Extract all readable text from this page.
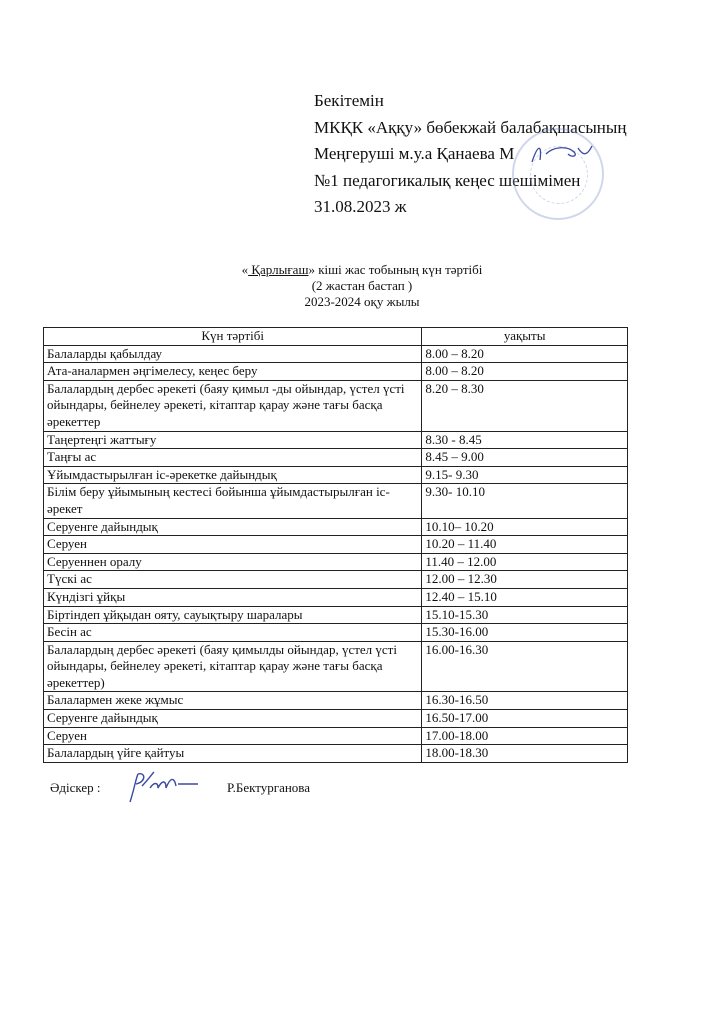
Бекітемін
МКҚК «Аққу» бөбекжай балабақшасының
Меңгеруші м.у.а Қанаева М
№1 педагогикалық кеңес шешімімен
31.08.2023 ж
« Қарлығаш» кіші жас тобының күн тәртібі
(2 жастан бастап )
2023-2024 оқу жылы
Күн тәртібі	уақыты
Балаларды қабылдау	8.00 – 8.20
Ата-аналармен әңгімелесу, кеңес беру	8.00 – 8.20
Балалардың дербес әрекеті (баяу қимыл -ды ойындар, үстел үсті ойындары, бейнелеу әрекеті, кітаптар қарау және тағы басқа әрекеттер	8.20 – 8.30
Таңертеңгі жаттығу	8.30 - 8.45
Таңғы ас	8.45 – 9.00
Ұйымдастырылған іс-әрекетке дайындық	9.15- 9.30
Білім беру ұйымының кестесі бойынша ұйымдастырылған іс-әрекет	9.30- 10.10
Серуенге дайындық	10.10– 10.20
Серуен	10.20 – 11.40
Серуеннен оралу	11.40 – 12.00
Түскі ас	12.00 – 12.30
Күндізгі ұйқы	12.40 – 15.10
Біртіндеп ұйқыдан ояту, сауықтыру шаралары	15.10-15.30
Бесін ас	15.30-16.00
Балалардың дербес әрекеті (баяу қимылды ойындар, үстел үсті ойындары, бейнелеу әрекеті, кітаптар қарау және тағы басқа әрекеттер)	16.00-16.30
Балалармен жеке жұмыс	16.30-16.50
Серуенге дайындық	16.50-17.00
Серуен	17.00-18.00
Балалардың үйге қайтуы	18.00-18.30
Әдіскер :	Р.Бектурганова
